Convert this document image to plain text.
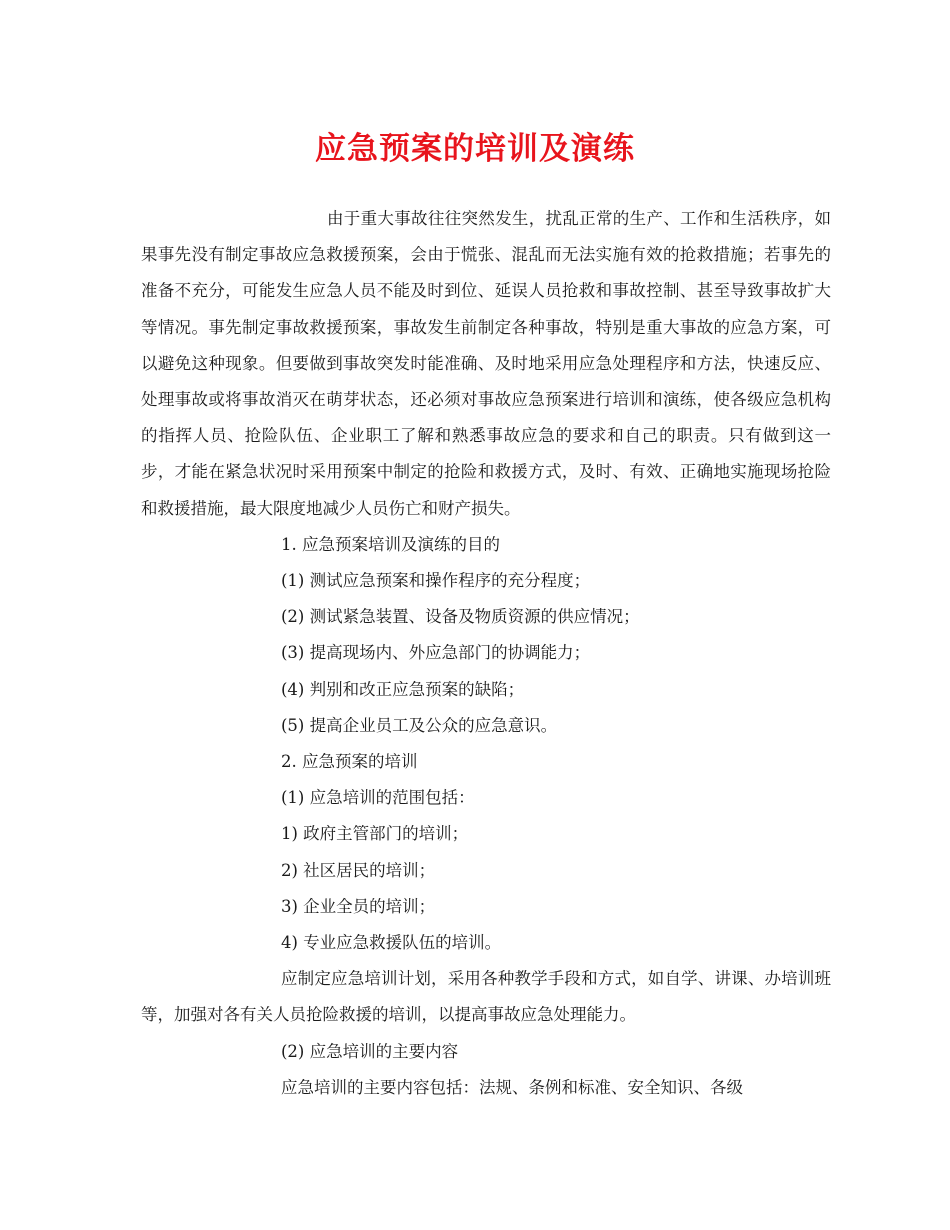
应急预案的培训及演练

由于重大事故往往突然发生，扰乱正常的生产、工作和生活秩序，如果事先没有制定事故应急救援预案，会由于慌张、混乱而无法实施有效的抢救措施；若事先的准备不充分，可能发生应急人员不能及时到位、延误人员抢救和事故控制、甚至导致事故扩大等情况。事先制定事故救援预案，事故发生前制定各种事故，特别是重大事故的应急方案，可以避免这种现象。但要做到事故突发时能准确、及时地采用应急处理程序和方法，快速反应、处理事故或将事故消灭在萌芽状态，还必须对事故应急预案进行培训和演练，使各级应急机构的指挥人员、抢险队伍、企业职工了解和熟悉事故应急的要求和自己的职责。只有做到这一步，才能在紧急状况时采用预案中制定的抢险和救援方式，及时、有效、正确地实施现场抢险和救援措施，最大限度地减少人员伤亡和财产损失。

1. 应急预案培训及演练的目的

(1) 测试应急预案和操作程序的充分程度；

(2) 测试紧急装置、设备及物质资源的供应情况；

(3) 提高现场内、外应急部门的协调能力；

(4) 判别和改正应急预案的缺陷；

(5) 提高企业员工及公众的应急意识。

2. 应急预案的培训

(1) 应急培训的范围包括：

1) 政府主管部门的培训；

2) 社区居民的培训；

3) 企业全员的培训；

4) 专业应急救援队伍的培训。

应制定应急培训计划，采用各种教学手段和方式，如自学、讲课、办培训班等，加强对各有关人员抢险救援的培训，以提高事故应急处理能力。

(2) 应急培训的主要内容

应急培训的主要内容包括：法规、条例和标准、安全知识、各级
